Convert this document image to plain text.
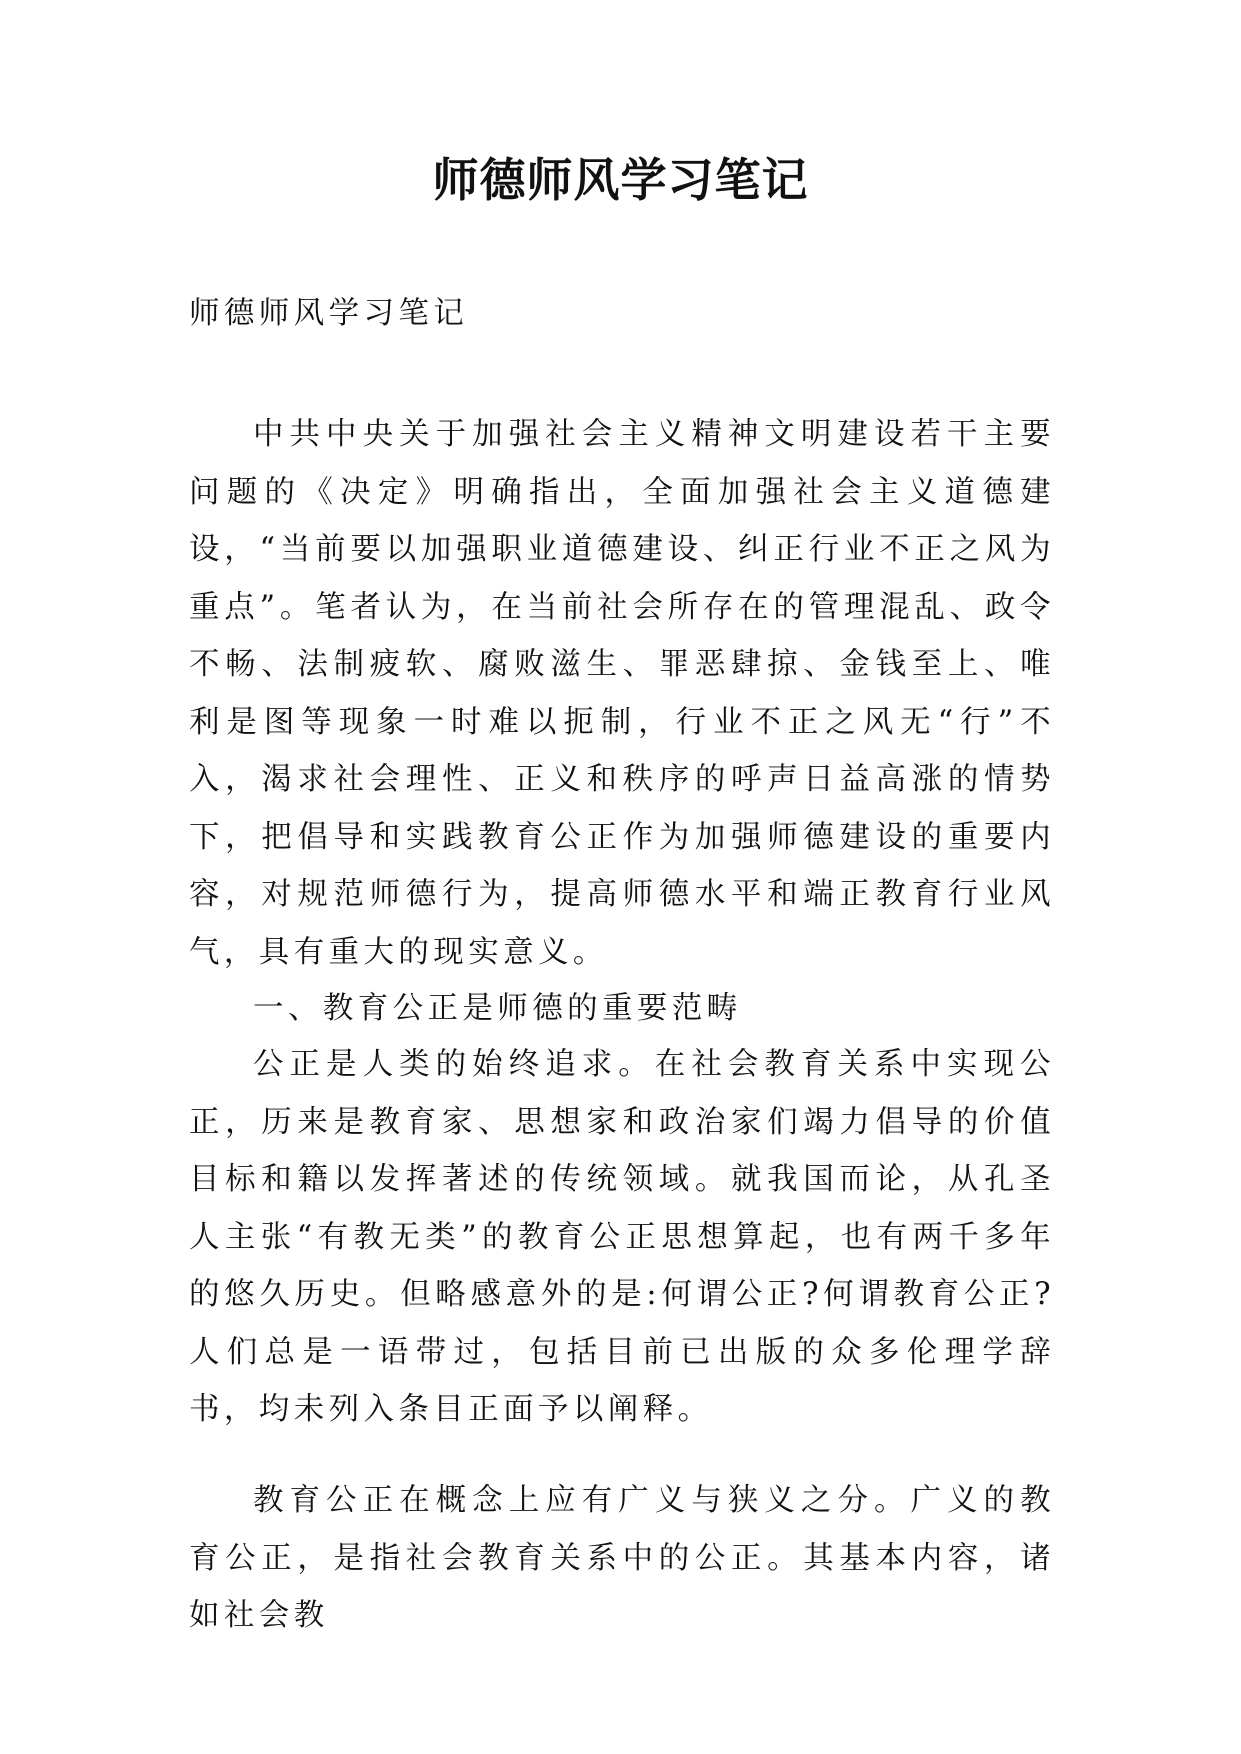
师德师风学习笔记

师德师风学习笔记

中共中央关于加强社会主义精神文明建设若干主要问题的《决定》明确指出，全面加强社会主义道德建设，“当前要以加强职业道德建设、纠正行业不正之风为重点”。笔者认为，在当前社会所存在的管理混乱、政令不畅、法制疲软、腐败滋生、罪恶肆掠、金钱至上、唯利是图等现象一时难以扼制，行业不正之风无“行”不入，渴求社会理性、正义和秩序的呼声日益高涨的情势下，把倡导和实践教育公正作为加强师德建设的重要内容，对规范师德行为，提高师德水平和端正教育行业风气，具有重大的现实意义。

一、教育公正是师德的重要范畴

公正是人类的始终追求。在社会教育关系中实现公正，历来是教育家、思想家和政治家们竭力倡导的价值目标和籍以发挥著述的传统领域。就我国而论，从孔圣人主张“有教无类”的教育公正思想算起，也有两千多年的悠久历史。但略感意外的是:何谓公正?何谓教育公正?人们总是一语带过，包括目前已出版的众多伦理学辞书，均未列入条目正面予以阐释。

教育公正在概念上应有广义与狭义之分。广义的教育公正，是指社会教育关系中的公正。其基本内容，诸如社会教
